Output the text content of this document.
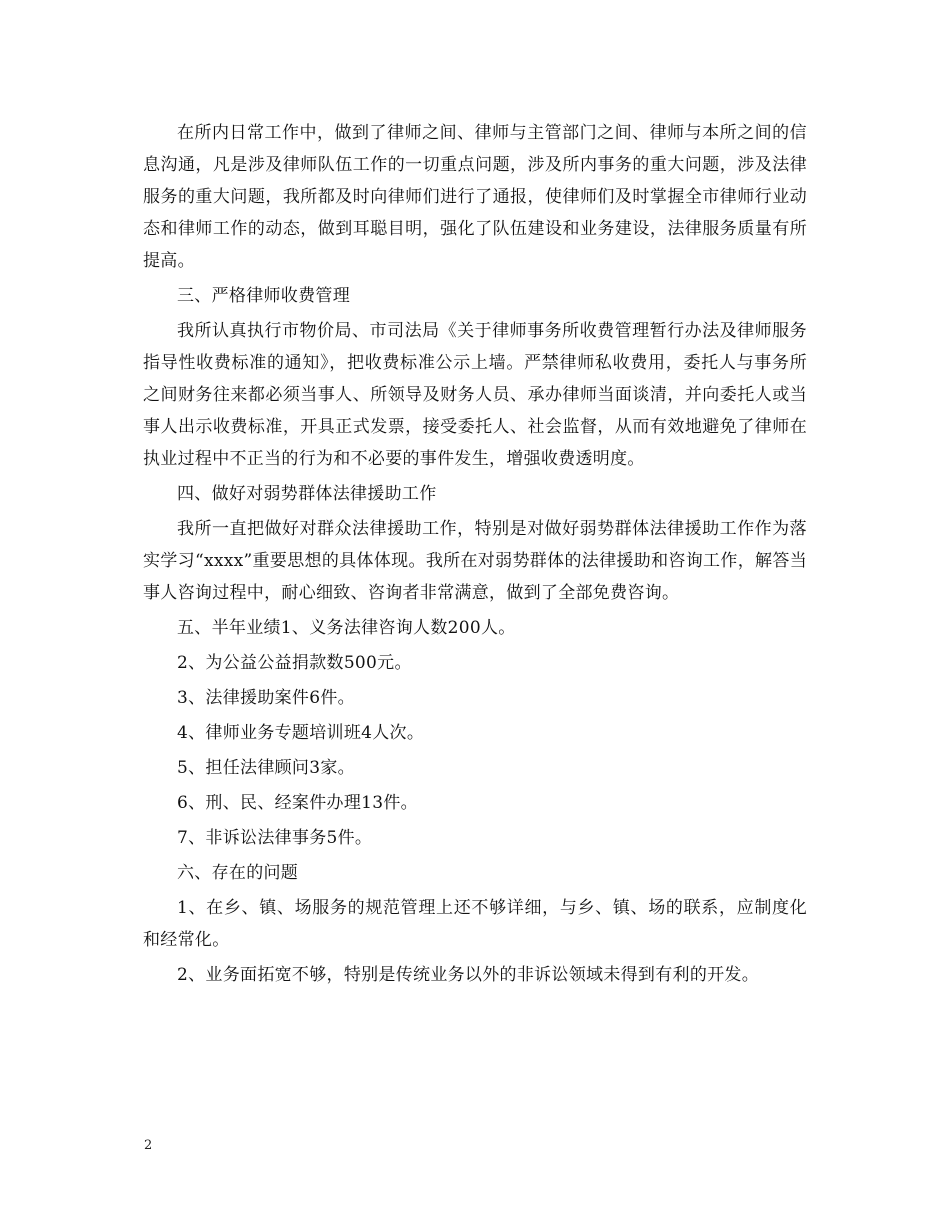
在所内日常工作中，做到了律师之间、律师与主管部门之间、律师与本所之间的信息沟通，凡是涉及律师队伍工作的一切重点问题，涉及所内事务的重大问题，涉及法律服务的重大问题，我所都及时向律师们进行了通报，使律师们及时掌握全市律师行业动态和律师工作的动态，做到耳聪目明，强化了队伍建设和业务建设，法律服务质量有所提高。

三、严格律师收费管理

我所认真执行市物价局、市司法局《关于律师事务所收费管理暂行办法及律师服务指导性收费标准的通知》，把收费标准公示上墙。严禁律师私收费用，委托人与事务所之间财务往来都必须当事人、所领导及财务人员、承办律师当面谈清，并向委托人或当事人出示收费标准，开具正式发票，接受委托人、社会监督，从而有效地避免了律师在执业过程中不正当的行为和不必要的事件发生，增强收费透明度。

四、做好对弱势群体法律援助工作

我所一直把做好对群众法律援助工作，特别是对做好弱势群体法律援助工作作为落实学习“xxxx”重要思想的具体体现。我所在对弱势群体的法律援助和咨询工作，解答当事人咨询过程中，耐心细致、咨询者非常满意，做到了全部免费咨询。

五、半年业绩1、义务法律咨询人数200人。

2、为公益公益捐款数500元。

3、法律援助案件6件。

4、律师业务专题培训班4人次。

5、担任法律顾问3家。

6、刑、民、经案件办理13件。

7、非诉讼法律事务5件。

六、存在的问题

1、在乡、镇、场服务的规范管理上还不够详细，与乡、镇、场的联系，应制度化和经常化。

2、业务面拓宽不够，特别是传统业务以外的非诉讼领域未得到有利的开发。

2
